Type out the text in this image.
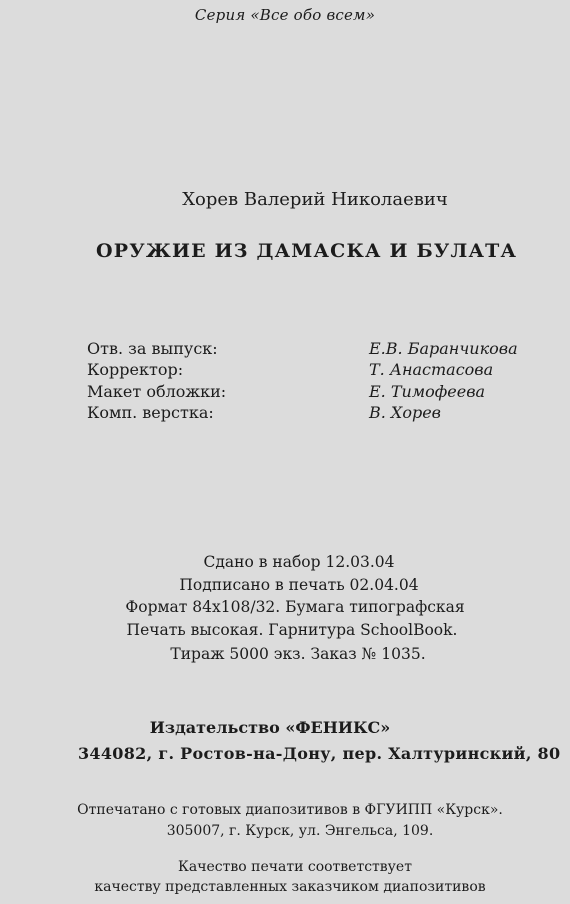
Серия «Все обо всем»
Хорев Валерий Николаевич
ОРУЖИЕ ИЗ ДАМАСКА И БУЛАТА
Отв. за выпуск:	Е.В. Баранчикова
Корректор:	Т. Анастасова
Макет обложки:	Е. Тимофеева
Комп. верстка:	В. Хорев
Сдано в набор 12.03.04
Подписано в печать 02.04.04
Формат 84х108/32. Бумага типографская
Печать высокая. Гарнитура SchoolBook.
Тираж 5000 экз. Заказ № 1035.
Издательство «ФЕНИКС»
344082, г. Ростов-на-Дону, пер. Халтуринский, 80
Отпечатано с готовых диапозитивов в ФГУИПП «Курск».
305007, г. Курск, ул. Энгельса, 109.
Качество печати соответствует
качеству представленных заказчиком диапозитивов
